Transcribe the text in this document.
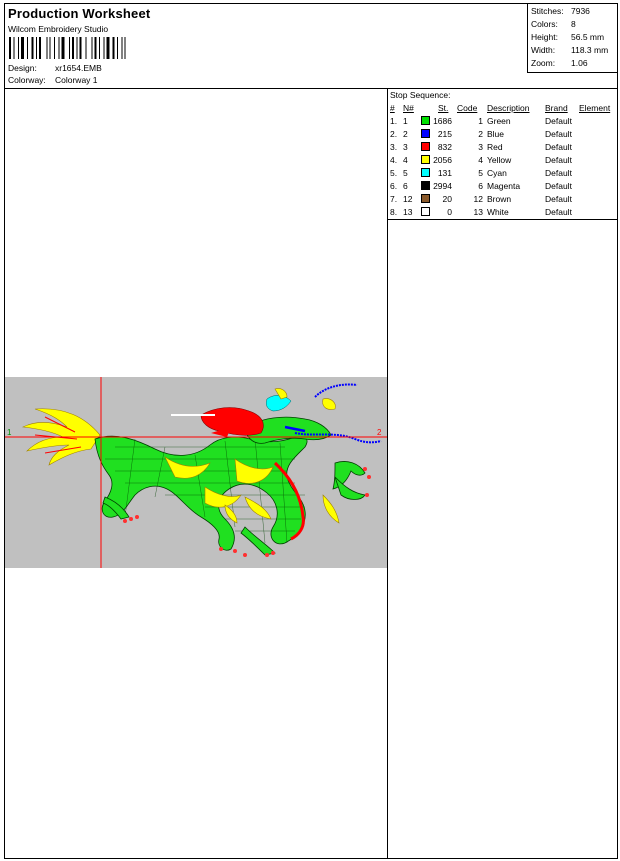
Production Worksheet
Wilcom Embroidery Studio
Design: xr1654.EMB
Colorway: Colorway 1
Stitches: 7936
Colors: 8
Height: 56.5 mm
Width: 118.3 mm
Zoom: 1.06
Stop Sequence:
# N#	St. Code Description Brand Element
1. 1	1686	1 Green	Default
2. 2	215	2 Blue	Default
3. 3	832	3 Red	Default
4. 4	2056	4 Yellow	Default
5. 5	131	5 Cyan	Default
6. 6	2994	6 Magenta	Default
7. 12	20	12 Brown	Default
8. 13	0	13 White	Default
1	2
